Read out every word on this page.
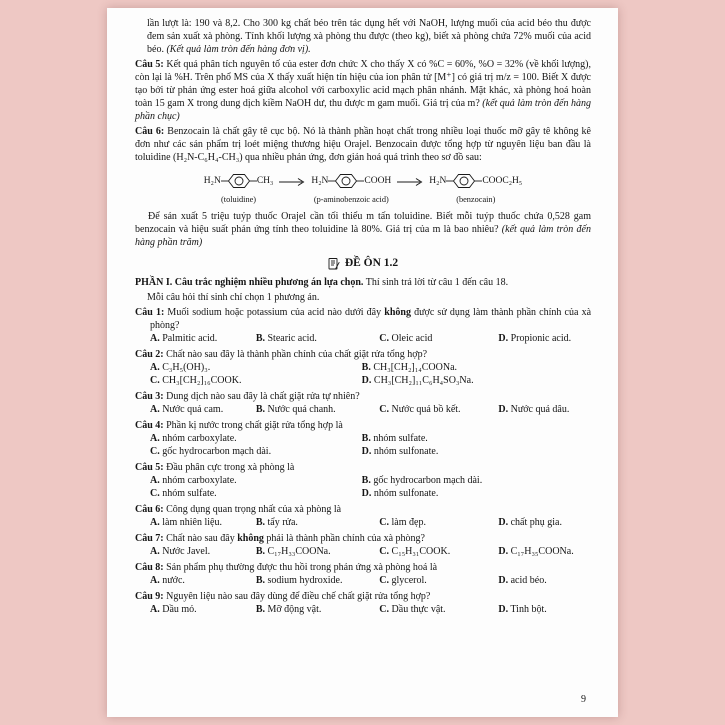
lần lượt là: 190 và 8,2. Cho 300 kg chất béo trên tác dụng hết với NaOH, lượng muối của acid béo thu được đem sản xuất xà phòng. Tính khối lượng xà phòng thu được (theo kg), biết xà phòng chứa 72% muối của acid béo. (Kết quả làm tròn đến hàng đơn vị).

Câu 5: Kết quả phân tích nguyên tố của ester đơn chức X cho thấy X có %C = 60%, %O = 32% (về khối lượng), còn lại là %H. Trên phổ MS của X thấy xuất hiện tín hiệu của ion phân tử [M⁺] có giá trị m/z = 100. Biết X được tạo bởi từ phản ứng ester hoá giữa alcohol với carboxylic acid mạch phân nhánh. Mặt khác, xà phòng hoá hoàn toàn 15 gam X trong dung dịch kiềm NaOH dư, thu được m gam muối. Giá trị của m? (kết quả làm tròn đến hàng phần chục)

Câu 6: Benzocain là chất gây tê cục bộ. Nó là thành phần hoạt chất trong nhiều loại thuốc mỡ gây tê không kê đơn như các sản phẩm trị loét miệng thương hiệu Orajel. Benzocain được tổng hợp từ nguyên liệu ban đầu là toluidine (H₂N-C₆H₄-CH₃) qua nhiều phản ứng, đơn giản hoá quá trình theo sơ đồ sau:

H₂N	CH₃
(toluidine)
H₂N	COOH
(p-aminobenzoic acid)
H₂N	COOC₂H₅
(benzocain)

Để sản xuất 5 triệu tuýp thuốc Orajel cần tối thiểu m tấn toluidine. Biết mỗi tuýp thuốc chứa 0,528 gam benzocain và hiệu suất phản ứng tính theo toluidine là 80%. Giá trị của m là bao nhiêu? (kết quả làm tròn đến hàng phần trăm)

ĐỀ ÔN 1.2

PHẦN I. Câu trắc nghiệm nhiều phương án lựa chọn. Thí sinh trả lời từ câu 1 đến câu 18.

Mỗi câu hỏi thí sinh chỉ chọn 1 phương án.

Câu 1: Muối sodium hoặc potassium của acid nào dưới đây không được sử dụng làm thành phần chính của xà phòng?

A. Palmitic acid.	B. Stearic acid.	C. Oleic acid	D. Propionic acid.

Câu 2: Chất nào sau đây là thành phần chính của chất giặt rửa tổng hợp?

A. C₃H₅(OH)₃.	B. CH₃[CH₂]₁₄COONa.
C. CH₃[CH₂]₁₆COOK.	D. CH₃[CH₂]₁₁C₆H₄SO₃Na.

Câu 3: Dung dịch nào sau đây là chất giặt rửa tự nhiên?

A. Nước quả cam.	B. Nước quả chanh.	C. Nước quả bồ kết.	D. Nước quả dâu.

Câu 4: Phần kị nước trong chất giặt rửa tổng hợp là

A. nhóm carboxylate.	B. nhóm sulfate.
C. gốc hydrocarbon mạch dài.	D. nhóm sulfonate.

Câu 5: Đầu phân cực trong xà phòng là

A. nhóm carboxylate.	B. gốc hydrocarbon mạch dài.
C. nhóm sulfate.	D. nhóm sulfonate.

Câu 6: Công dụng quan trọng nhất của xà phòng là

A. làm nhiên liệu.	B. tẩy rửa.	C. làm đẹp.	D. chất phụ gia.

Câu 7: Chất nào sau đây không phải là thành phần chính của xà phòng?

A. Nước Javel.	B. C₁₇H₃₃COONa.	C. C₁₅H₃₁COOK.	D. C₁₇H₃₅COONa.

Câu 8: Sản phẩm phụ thường được thu hồi trong phản ứng xà phòng hoá là

A. nước.	B. sodium hydroxide.	C. glycerol.	D. acid béo.

Câu 9: Nguyên liệu nào sau đây dùng để điều chế chất giặt rửa tổng hợp?

A. Dầu mỏ.	B. Mỡ động vật.	C. Dầu thực vật.	D. Tinh bột.
9
